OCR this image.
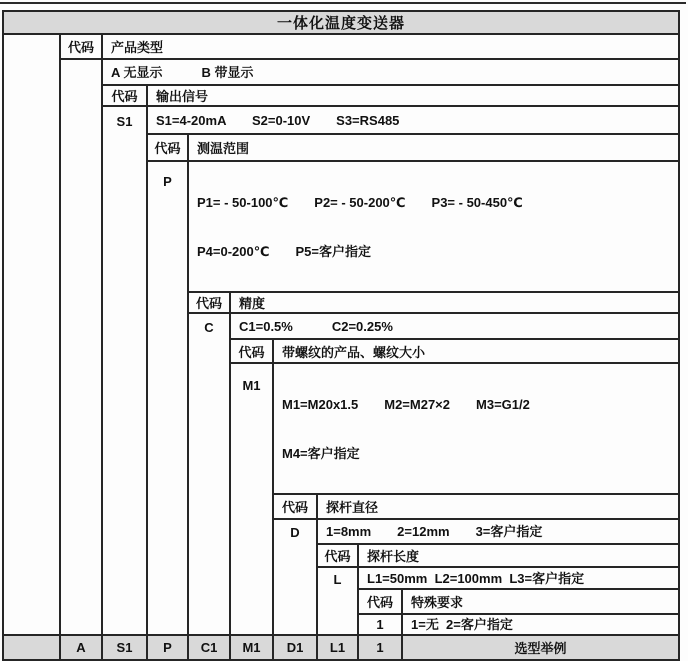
一体化温度变送器									
	代码	产品类型							

		A 无显示　　　B 带显示							

		代码	输出信号						

		S1	S1=4-20mA　　S2=0-10V　　S3=RS485						

			代码	测温范围					

			P	P1= - 50-100℃　　P2= - 50-200℃　　P3= - 50-450℃

P4=0-200℃　　P5=客户指定					

				代码	精度				

				C	C1=0.5%　　　C2=0.25%				

					代码	带螺纹的产品、螺纹大小			

					M1	M1=M20x1.5　　M2=M27×2　　M3=G1/2

M4=客户指定			

						代码	探杆直径		

						D	1=8mm　　2=12mm　　3=客户指定		

							代码	探杆长度	

							L	L1=50mm  L2=100mm  L3=客户指定	

								代码	特殊要求
								1	1=无  2=客户指定

	A	S1	P	C1	M1	D1	L1	1	选型举例
